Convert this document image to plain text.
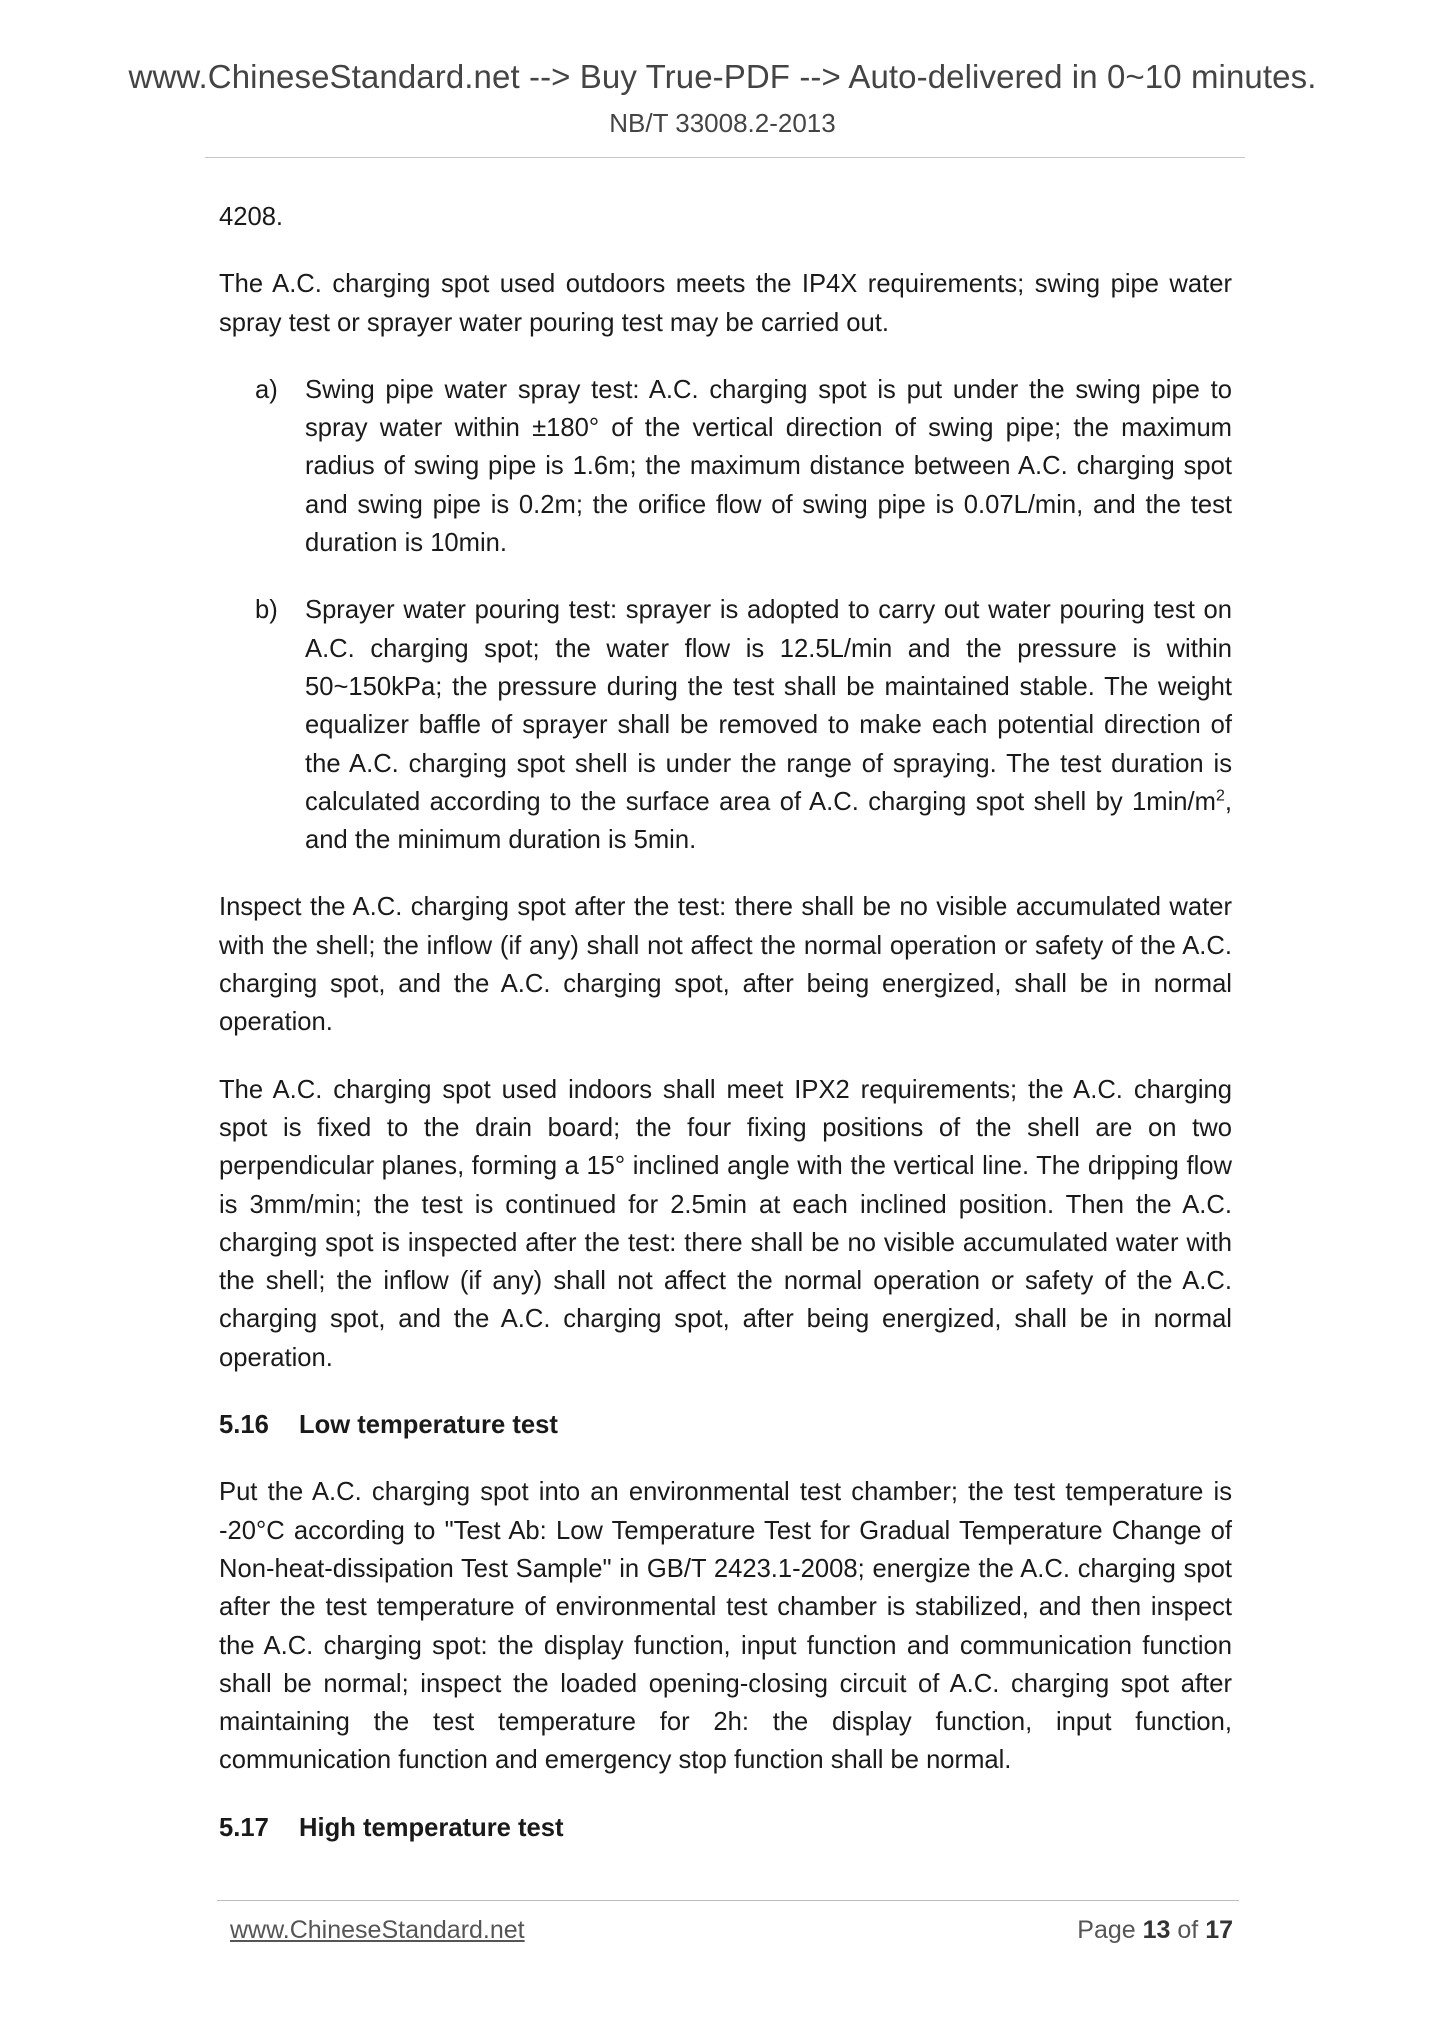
www.ChineseStandard.net --> Buy True-PDF --> Auto-delivered in 0~10 minutes.
NB/T 33008.2-2013

4208.

The A.C. charging spot used outdoors meets the IP4X requirements; swing pipe water spray test or sprayer water pouring test may be carried out.

a) Swing pipe water spray test: A.C. charging spot is put under the swing pipe to spray water within ±180° of the vertical direction of swing pipe; the maximum radius of swing pipe is 1.6m; the maximum distance between A.C. charging spot and swing pipe is 0.2m; the orifice flow of swing pipe is 0.07L/min, and the test duration is 10min.
b) Sprayer water pouring test: sprayer is adopted to carry out water pouring test on A.C. charging spot; the water flow is 12.5L/min and the pressure is within 50~150kPa; the pressure during the test shall be maintained stable. The weight equalizer baffle of sprayer shall be removed to make each potential direction of the A.C. charging spot shell is under the range of spraying. The test duration is calculated according to the surface area of A.C. charging spot shell by $1\min/m^2$, and the minimum duration is 5min.

Inspect the A.C. charging spot after the test: there shall be no visible accumulated water with the shell; the inflow (if any) shall not affect the normal operation or safety of the A.C. charging spot, and the A.C. charging spot, after being energized, shall be in normal operation.

The A.C. charging spot used indoors shall meet IPX2 requirements; the A.C. charging spot is fixed to the drain board; the four fixing positions of the shell are on two perpendicular planes, forming a 15° inclined angle with the vertical line. The dripping flow is 3mm/min; the test is continued for 2.5min at each inclined position. Then the A.C. charging spot is inspected after the test: there shall be no visible accumulated water with the shell; the inflow (if any) shall not affect the normal operation or safety of the A.C. charging spot, and the A.C. charging spot, after being energized, shall be in normal operation.

5.16 Low temperature test

Put the A.C. charging spot into an environmental test chamber; the test temperature is -20°C according to "Test Ab: Low Temperature Test for Gradual Temperature Change of Non-heat-dissipation Test Sample" in GB/T 2423.1-2008; energize the A.C. charging spot after the test temperature of environmental test chamber is stabilized, and then inspect the A.C. charging spot: the display function, input function and communication function shall be normal; inspect the loaded opening-closing circuit of A.C. charging spot after maintaining the test temperature for 2h: the display function, input function, communication function and emergency stop function shall be normal.

5.17 High temperature test

www.ChineseStandard.net	Page 13 of 17
